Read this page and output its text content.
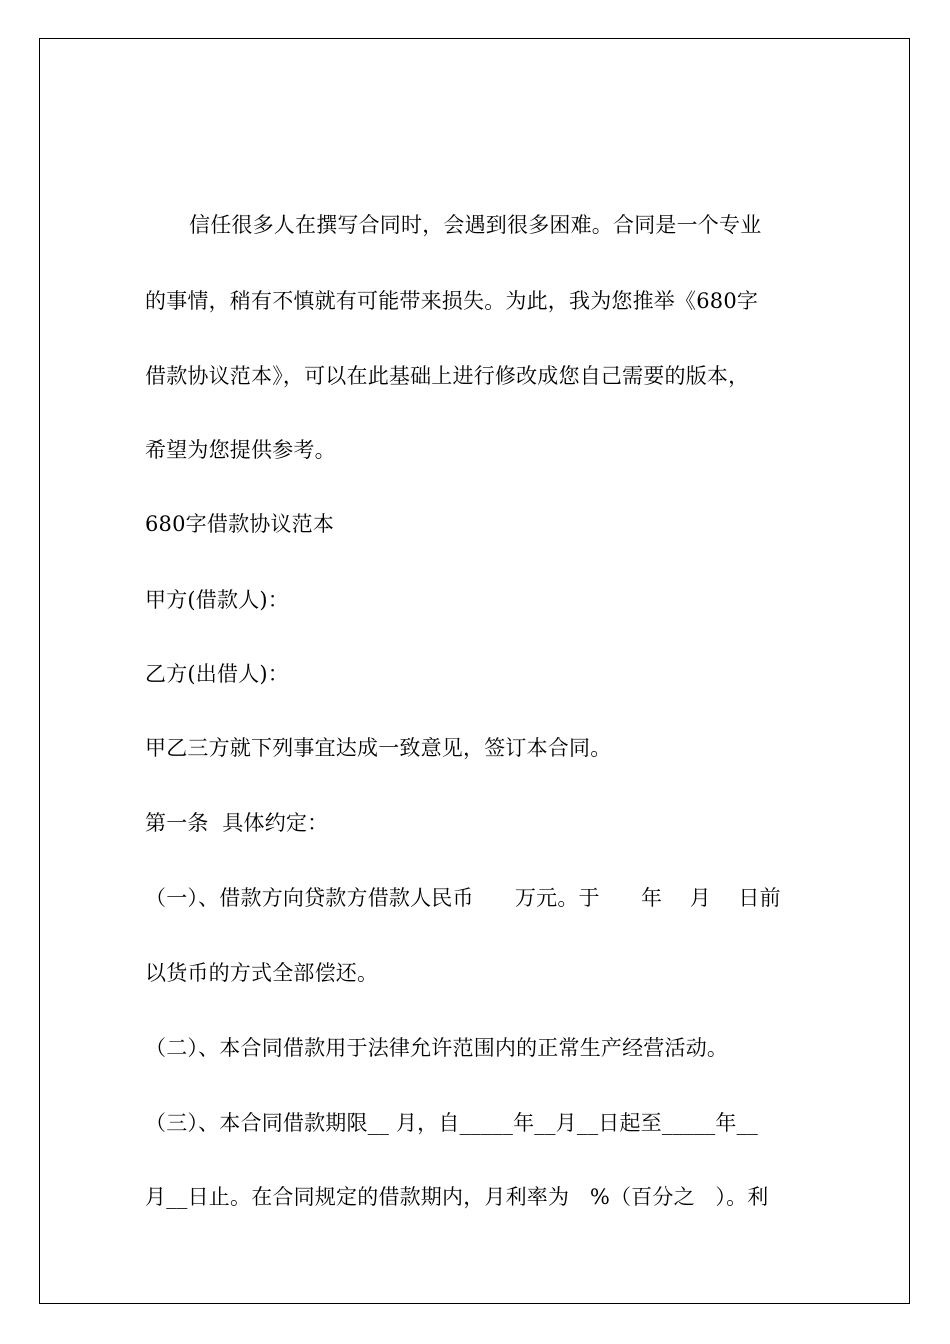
信任很多人在撰写合同时，会遇到很多困难。合同是一个专业
的事情，稍有不慎就有可能带来损失。为此，我为您推举《680字
借款协议范本》，可以在此基础上进行修改成您自己需要的版本，
希望为您提供参考。
680字借款协议范本
甲方(借款人)：
乙方(出借人)：
甲乙三方就下列事宜达成一致意见，签订本合同。
第一条  具体约定：
（一）、借款方向贷款方借款人民币      万元。于      年    月    日前
以货币的方式全部偿还。
（二）、本合同借款用于法律允许范围内的正常生产经营活动。
（三）、本合同借款期限__ 月，自_____年__月__日起至_____年__
月__日止。在合同规定的借款期内，月利率为   %（百分之   ）。利
